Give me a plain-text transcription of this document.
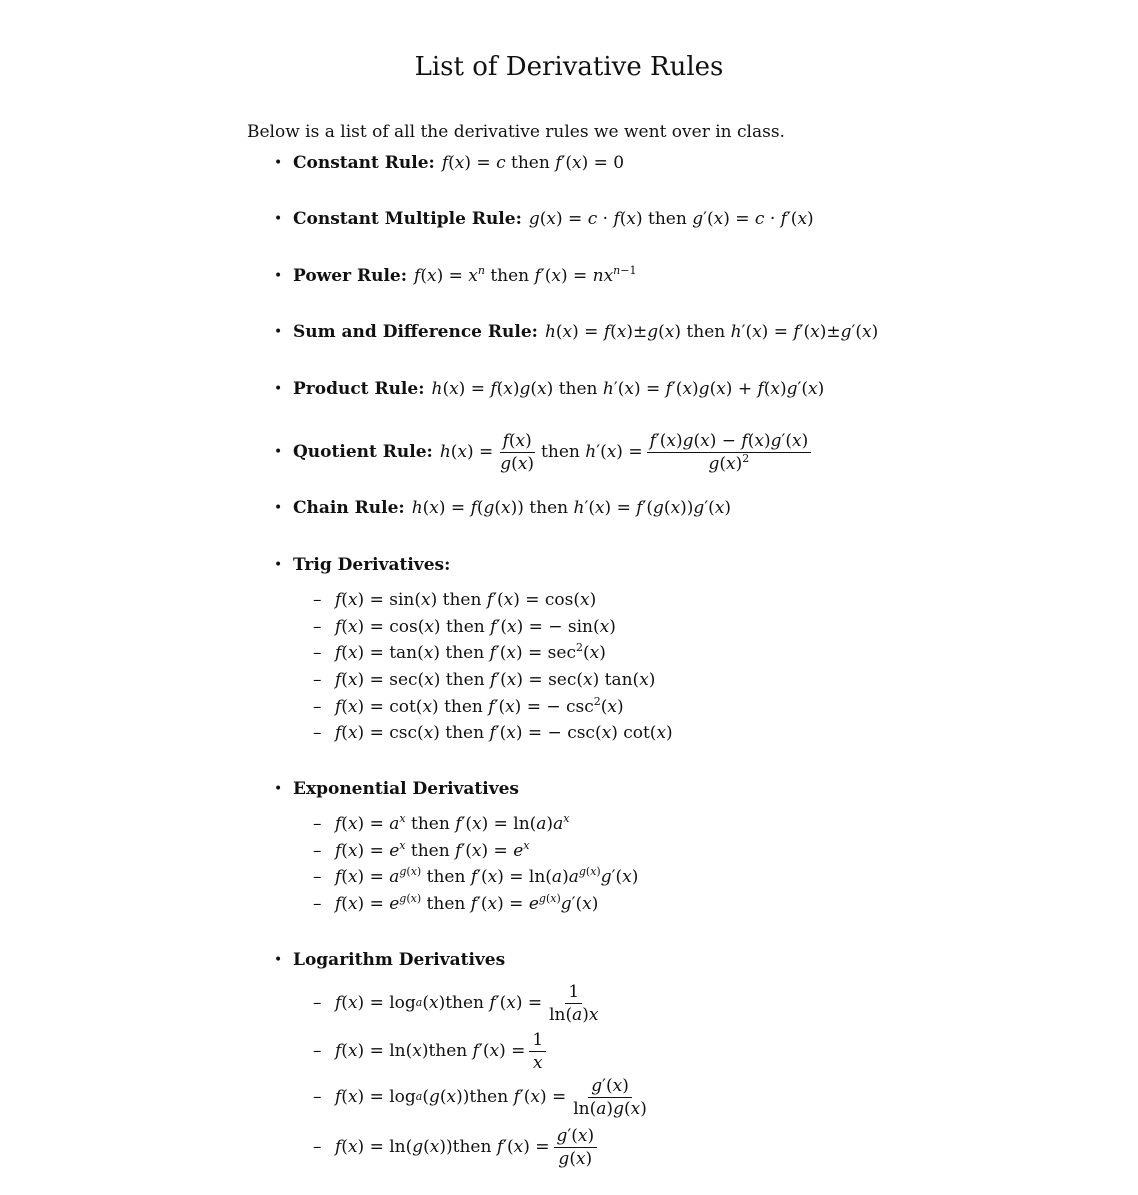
List of Derivative Rules
Below is a list of all the derivative rules we went over in class.
• Constant Rule: f(x) = c then f′(x) = 0
• Constant Multiple Rule: g(x) = c · f(x) then g′(x) = c · f′(x)
• Power Rule: $f(x) = x^n$ then $f'(x) = nx^{n-1}$
• Sum and Difference Rule: h(x) = f(x)±g(x) then h′(x) = f′(x)±g′(x)
• Product Rule: h(x) = f(x)g(x) then h′(x) = f′(x)g(x) + f(x)g′(x)
• Quotient Rule: h ( x ) = $\frac{f(x)}{g(x)}$ then
h ′( x ) = $\frac{f'(x)g(x) - f(x)g'(x)}{g(x)^2}$
• Chain Rule: h(x) = f(g(x)) then h′(x) = f′(g(x))g′(x)
• Trig Derivatives:
– f(x) = sin(x) then f′(x) = cos(x)
– f(x) = cos(x) then f′(x) = − sin(x)
– f(x) = tan(x) then $f'(x) = \sec^2(x)$
– f(x) = sec(x) then f′(x) = sec(x) tan(x)
– f(x) = cot(x) then f′(x) = − $\csc^2(x)$
– f(x) = csc(x) then f′(x) = − csc(x) cot(x)
• Exponential Derivatives
– $f(x) = a^x$ then $f'(x) = \ln(a)a^x$
– $f(x) = e^x$ then $f'(x) = e^x$
– $f(x) = a^{g(x)}$ then $f'(x) = \ln(a)a^{g(x)}g'(x)$
– $f(x) = e^{g(x)}$ then $f'(x) = e^{g(x)}g'(x)$
• Logarithm Derivatives
– f ( x ) = log a ( x ) then
f ′( x ) = $\frac{1}{\ln(a)x}$
– f ( x ) = ln( x ) then
f ′( x ) = $\frac{1}{x}$
– f ( x ) = log a ( g ( x )) then
f ′( x ) = $\frac{g'(x)}{\ln(a)g(x)}$
– f ( x ) = ln( g ( x )) then
f ′( x ) = $\frac{g'(x)}{g(x)}$
